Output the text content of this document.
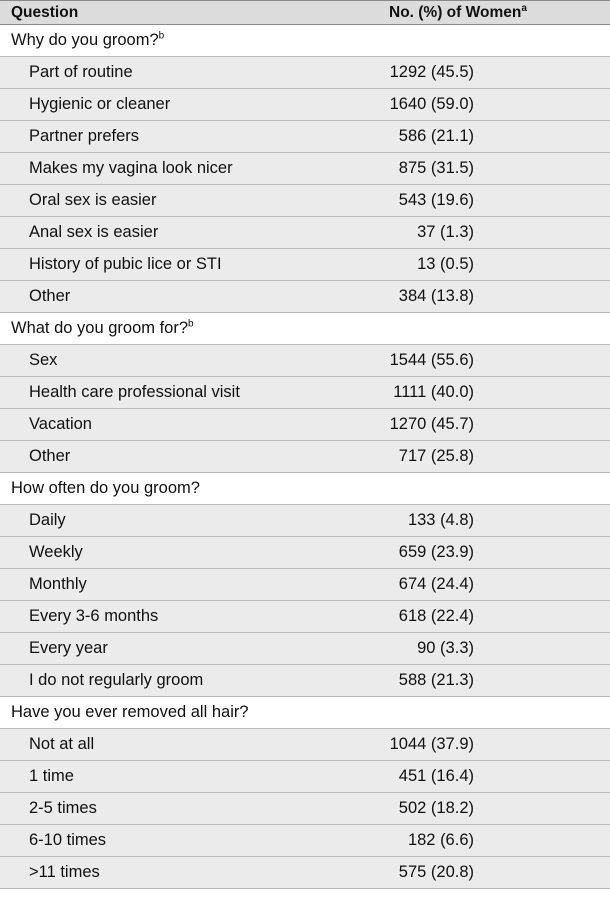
Question	No. (%) of Women$^a$
Why do you groom?$^b$
Part of routine	1292 (45.5)
Hygienic or cleaner	1640 (59.0)
Partner prefers	586 (21.1)
Makes my vagina look nicer	875 (31.5)
Oral sex is easier	543 (19.6)
Anal sex is easier	37 (1.3)
History of pubic lice or STI	13 (0.5)
Other	384 (13.8)
What do you groom for?$^b$
Sex	1544 (55.6)
Health care professional visit	1111 (40.0)
Vacation	1270 (45.7)
Other	717 (25.8)
How often do you groom?
Daily	133 (4.8)
Weekly	659 (23.9)
Monthly	674 (24.4)
Every 3-6 months	618 (22.4)
Every year	90 (3.3)
I do not regularly groom	588 (21.3)
Have you ever removed all hair?
Not at all	1044 (37.9)
1 time	451 (16.4)
2-5 times	502 (18.2)
6-10 times	182 (6.6)
>11 times	575 (20.8)
